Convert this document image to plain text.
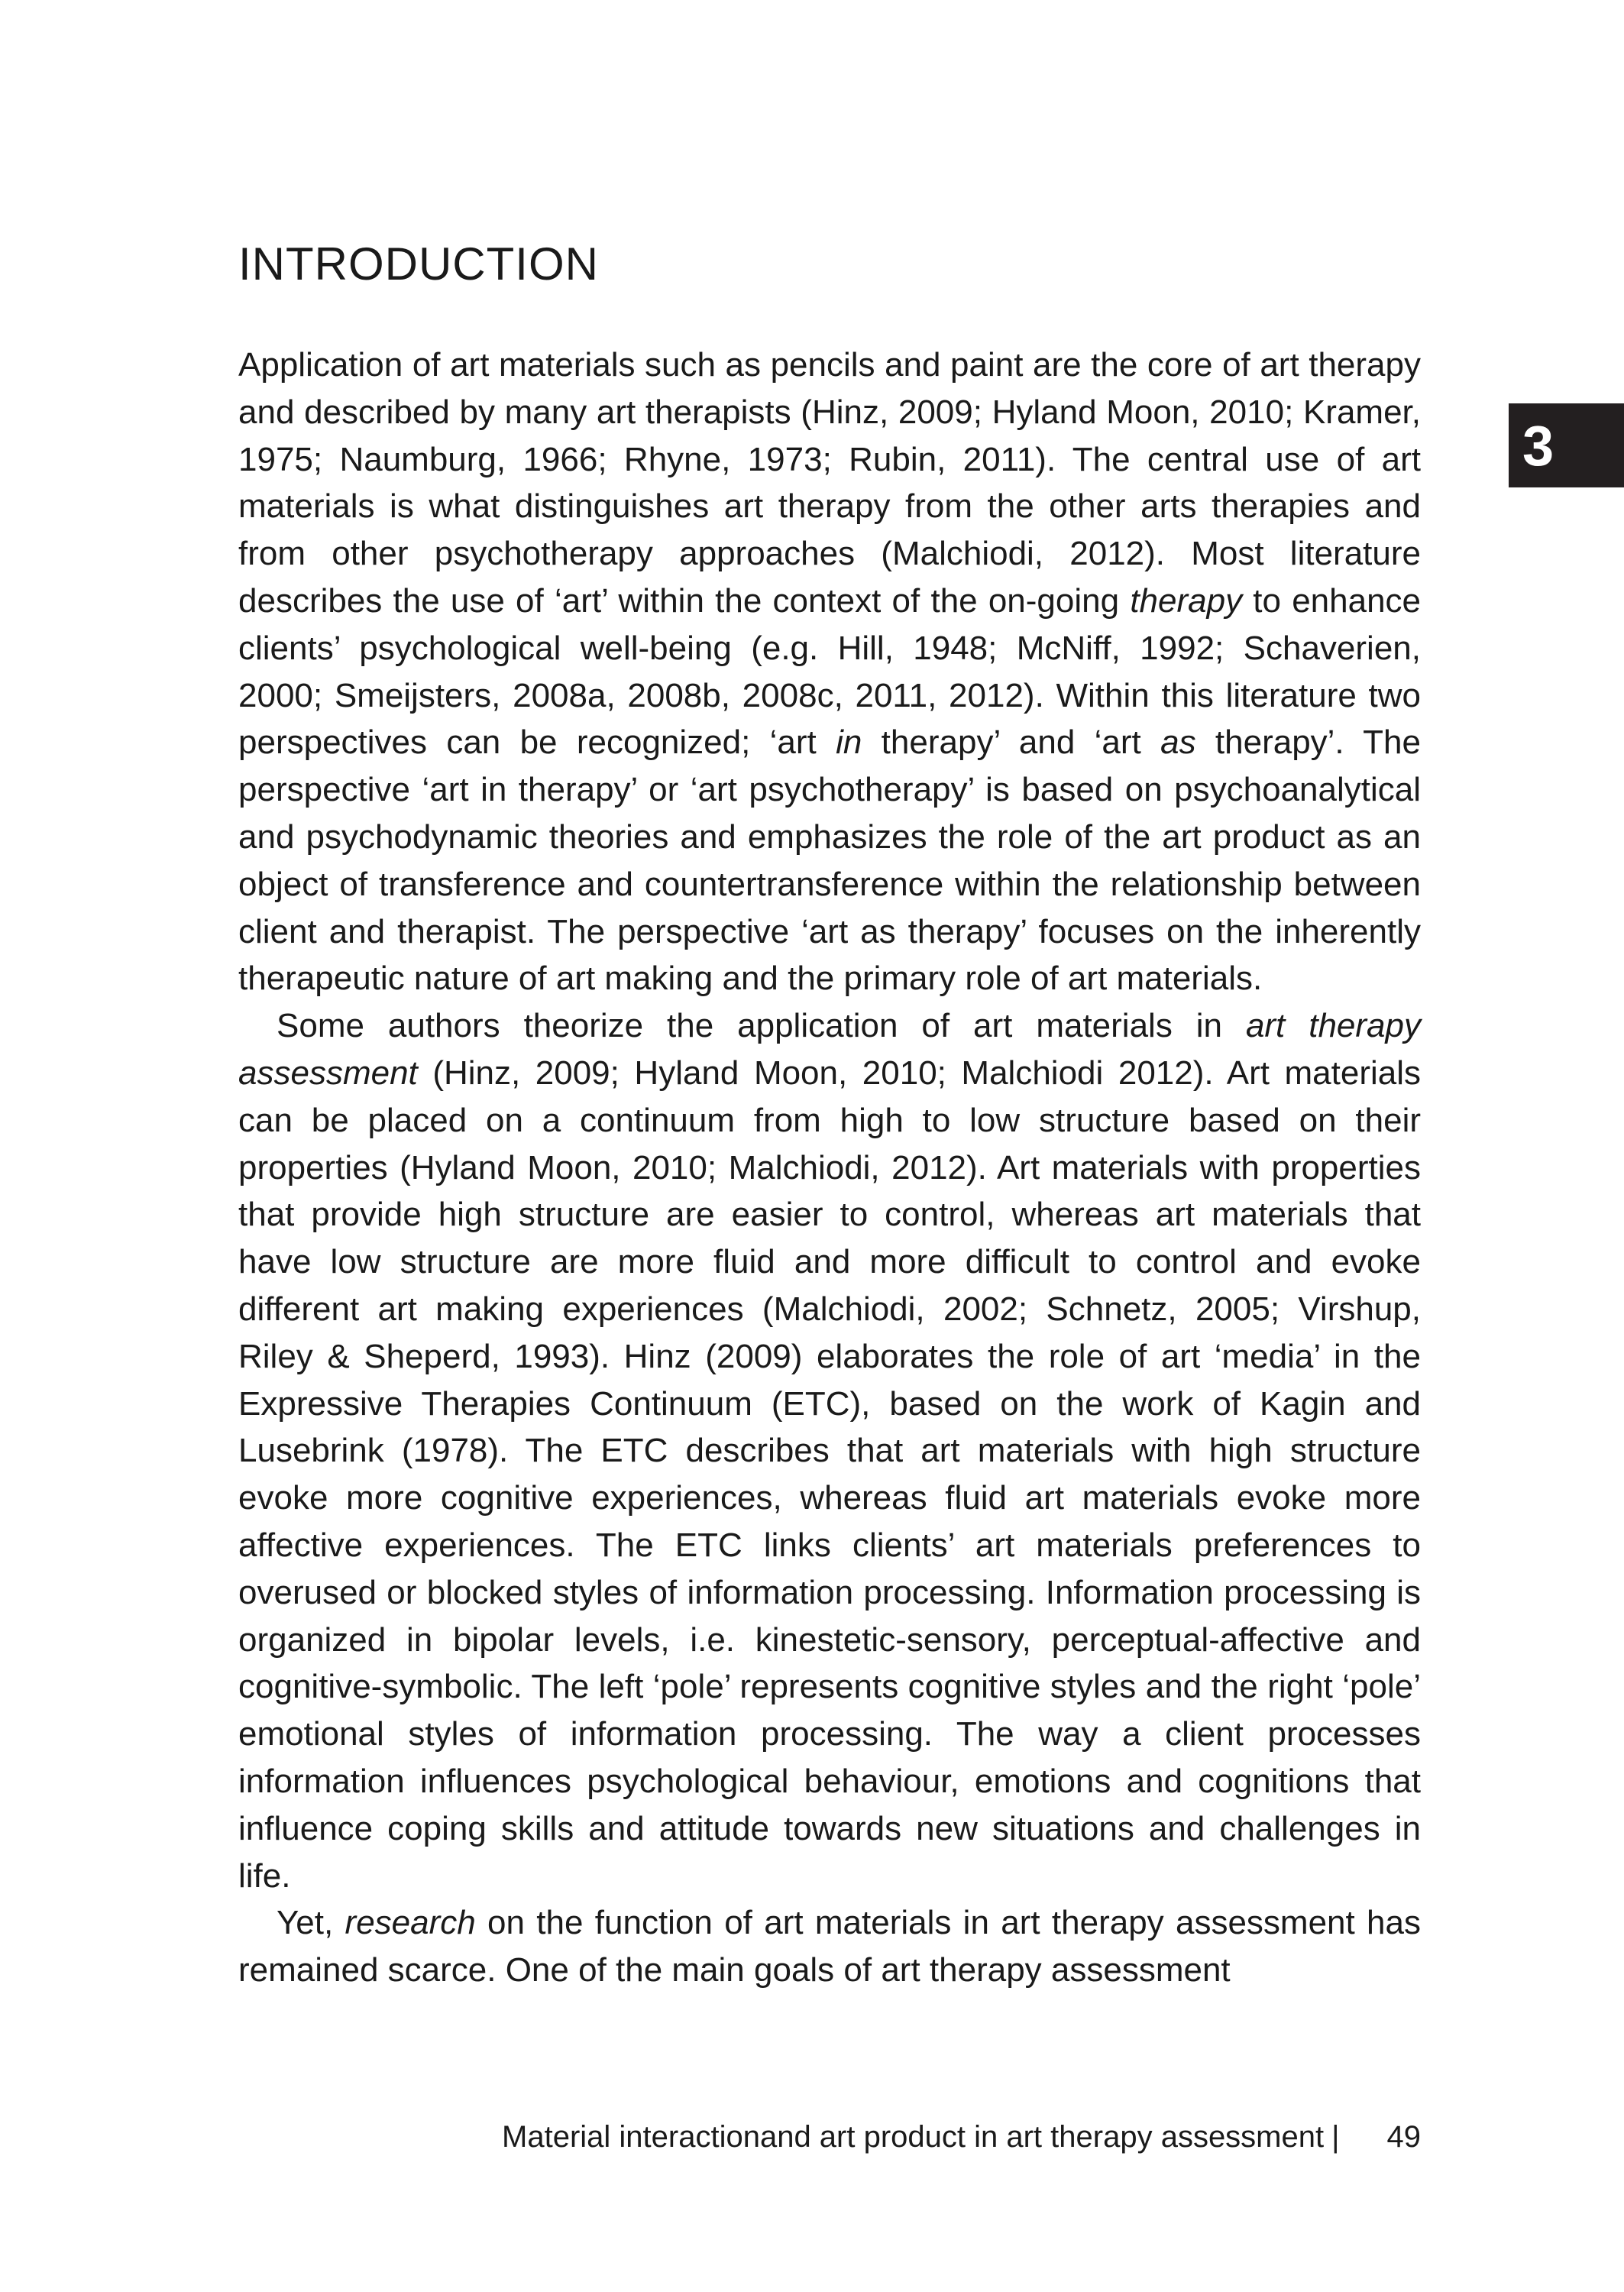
INTRODUCTION
3

Application of art materials such as pencils and paint are the core of art therapy and described by many art therapists (Hinz, 2009; Hyland Moon, 2010; Kramer, 1975; Naumburg, 1966; Rhyne, 1973; Rubin, 2011). The central use of art materials is what distinguishes art therapy from the other arts therapies and from other psychotherapy approaches (Malchiodi, 2012). Most literature describes the use of ‘art’ within the context of the on-going therapy to enhance clients’ psychological well-being (e.g. Hill, 1948; McNiff, 1992; Schaverien, 2000; Smeijsters, 2008a, 2008b, 2008c, 2011, 2012). Within this literature two perspectives can be recognized; ‘art in therapy’ and ‘art as therapy’. The perspective ‘art in therapy’ or ‘art psychotherapy’ is based on psychoanalytical and psychodynamic theories and emphasizes the role of the art product as an object of transference and countertransference within the relationship between client and therapist. The perspective ‘art as therapy’ focuses on the inherently therapeutic nature of art making and the primary role of art materials.

Some authors theorize the application of art materials in art therapy assessment (Hinz, 2009; Hyland Moon, 2010; Malchiodi 2012). Art materials can be placed on a continuum from high to low structure based on their properties (Hyland Moon, 2010; Malchiodi, 2012). Art materials with properties that provide high structure are easier to control, whereas art materials that have low structure are more fluid and more difficult to control and evoke different art making experiences (Malchiodi, 2002; Schnetz, 2005; Virshup, Riley & Sheperd, 1993). Hinz (2009) elaborates the role of art ‘media’ in the Expressive Therapies Continuum (ETC), based on the work of Kagin and Lusebrink (1978). The ETC describes that art materials with high structure evoke more cognitive experiences, whereas fluid art materials evoke more affective experiences. The ETC links clients’ art materials preferences to overused or blocked styles of information processing. Information processing is organized in bipolar levels, i.e. kinestetic-sensory, perceptual-affective and cognitive-symbolic. The left ‘pole’ represents cognitive styles and the right ‘pole’ emotional styles of information processing. The way a client processes information influences psychological behaviour, emotions and cognitions that influence coping skills and attitude towards new situations and challenges in life.

Yet, research on the function of art materials in art therapy assessment has remained scarce. One of the main goals of art therapy assessment

Material interactionand art product in art therapy assessment | 49
